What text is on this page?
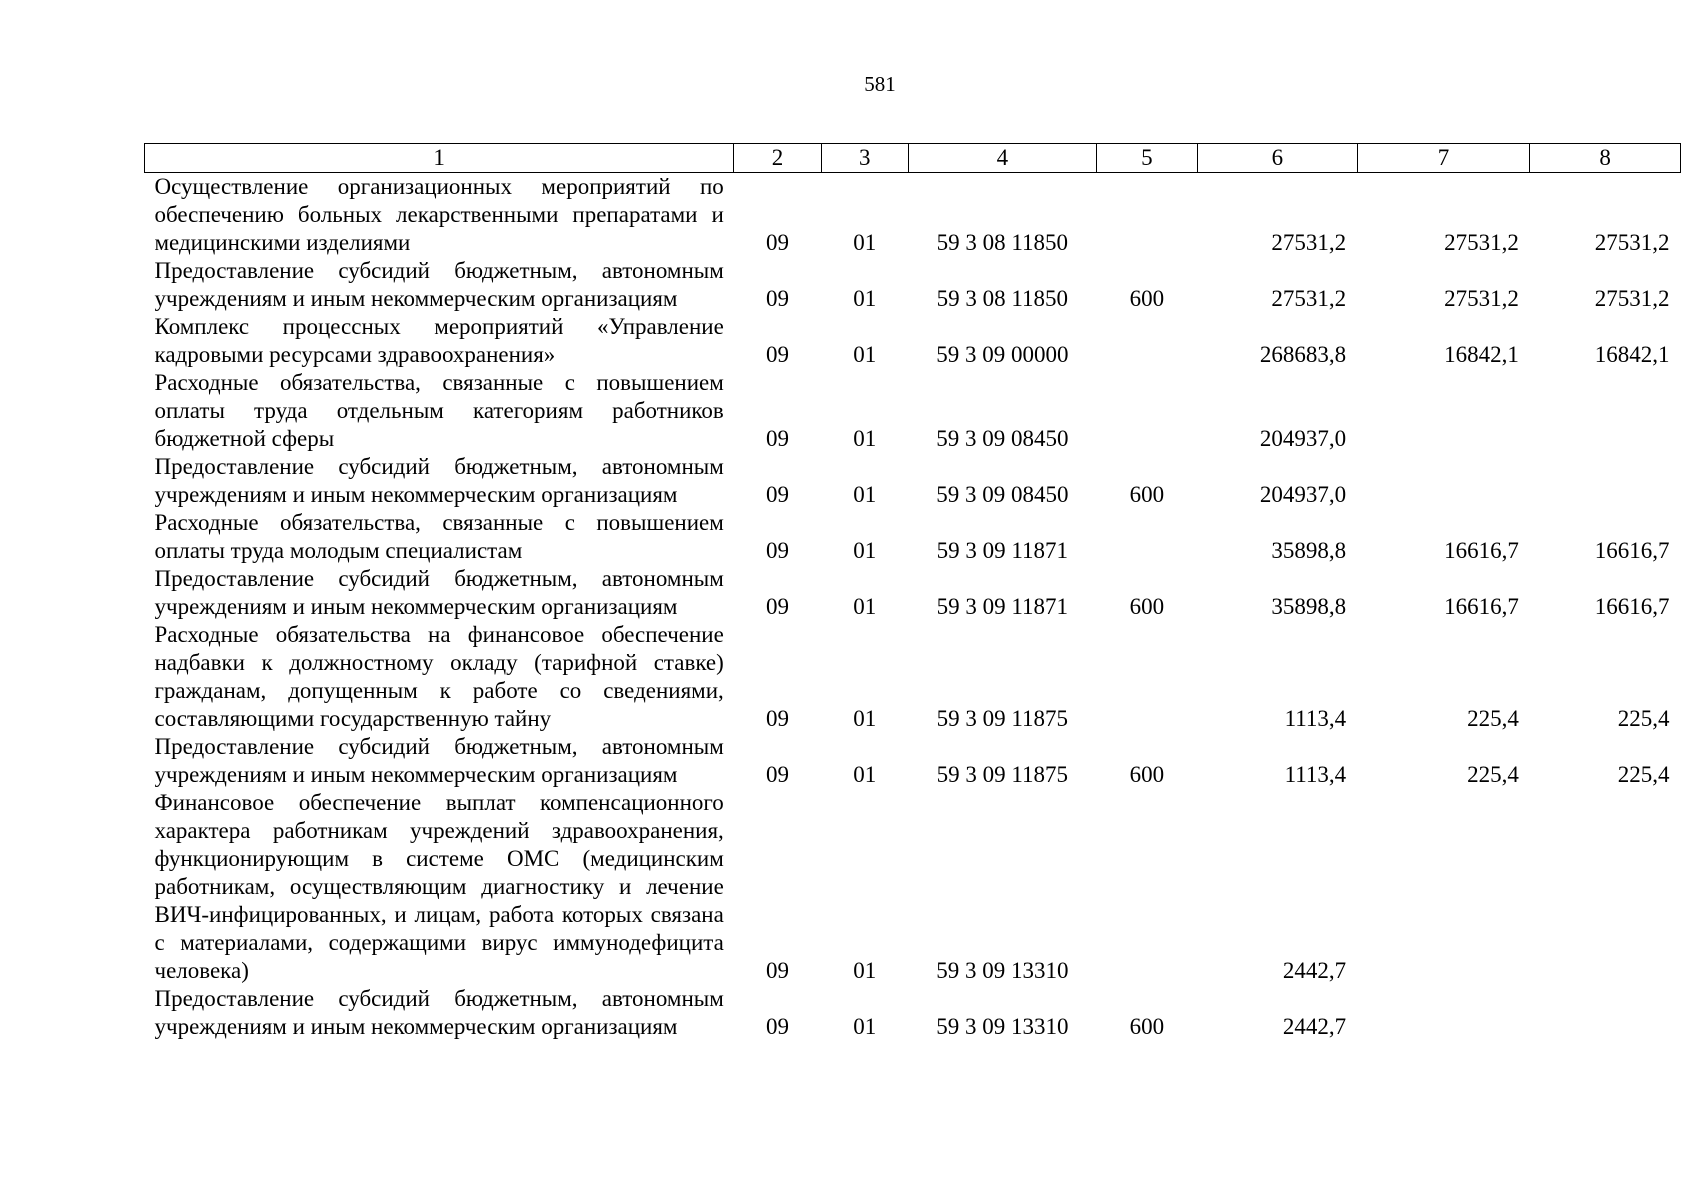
581
1	2	3	4	5	6	7	8
Осуществление организационных мероприятий по обеспечению больных лекарственными препаратами и медицинскими изделиями	09	01	59 3 08 11850		27531,2	27531,2	27531,2
Предоставление субсидий бюджетным, автономным учреждениям и иным некоммерческим организациям	09	01	59 3 08 11850	600	27531,2	27531,2	27531,2
Комплекс процессных мероприятий «Управление кадровыми ресурсами здравоохранения»	09	01	59 3 09 00000		268683,8	16842,1	16842,1
Расходные обязательства, связанные с повышением оплаты труда отдельным категориям работников бюджетной сферы	09	01	59 3 09 08450		204937,0		
Предоставление субсидий бюджетным, автономным учреждениям и иным некоммерческим организациям	09	01	59 3 09 08450	600	204937,0		
Расходные обязательства, связанные с повышением оплаты труда молодым специалистам	09	01	59 3 09 11871		35898,8	16616,7	16616,7
Предоставление субсидий бюджетным, автономным учреждениям и иным некоммерческим организациям	09	01	59 3 09 11871	600	35898,8	16616,7	16616,7
Расходные обязательства на финансовое обеспечение надбавки к должностному окладу (тарифной ставке) гражданам, допущенным к работе со сведениями, составляющими государственную тайну	09	01	59 3 09 11875		1113,4	225,4	225,4
Предоставление субсидий бюджетным, автономным учреждениям и иным некоммерческим организациям	09	01	59 3 09 11875	600	1113,4	225,4	225,4
Финансовое обеспечение выплат компенсационного характера работникам учреждений здравоохранения, функционирующим в системе ОМС (медицинским работникам, осуществляющим диагностику и лечение ВИЧ-инфицированных, и лицам, работа которых связана с материалами, содержащими вирус иммунодефицита человека)	09	01	59 3 09 13310		2442,7		
Предоставление субсидий бюджетным, автономным учреждениям и иным некоммерческим организациям	09	01	59 3 09 13310	600	2442,7		
